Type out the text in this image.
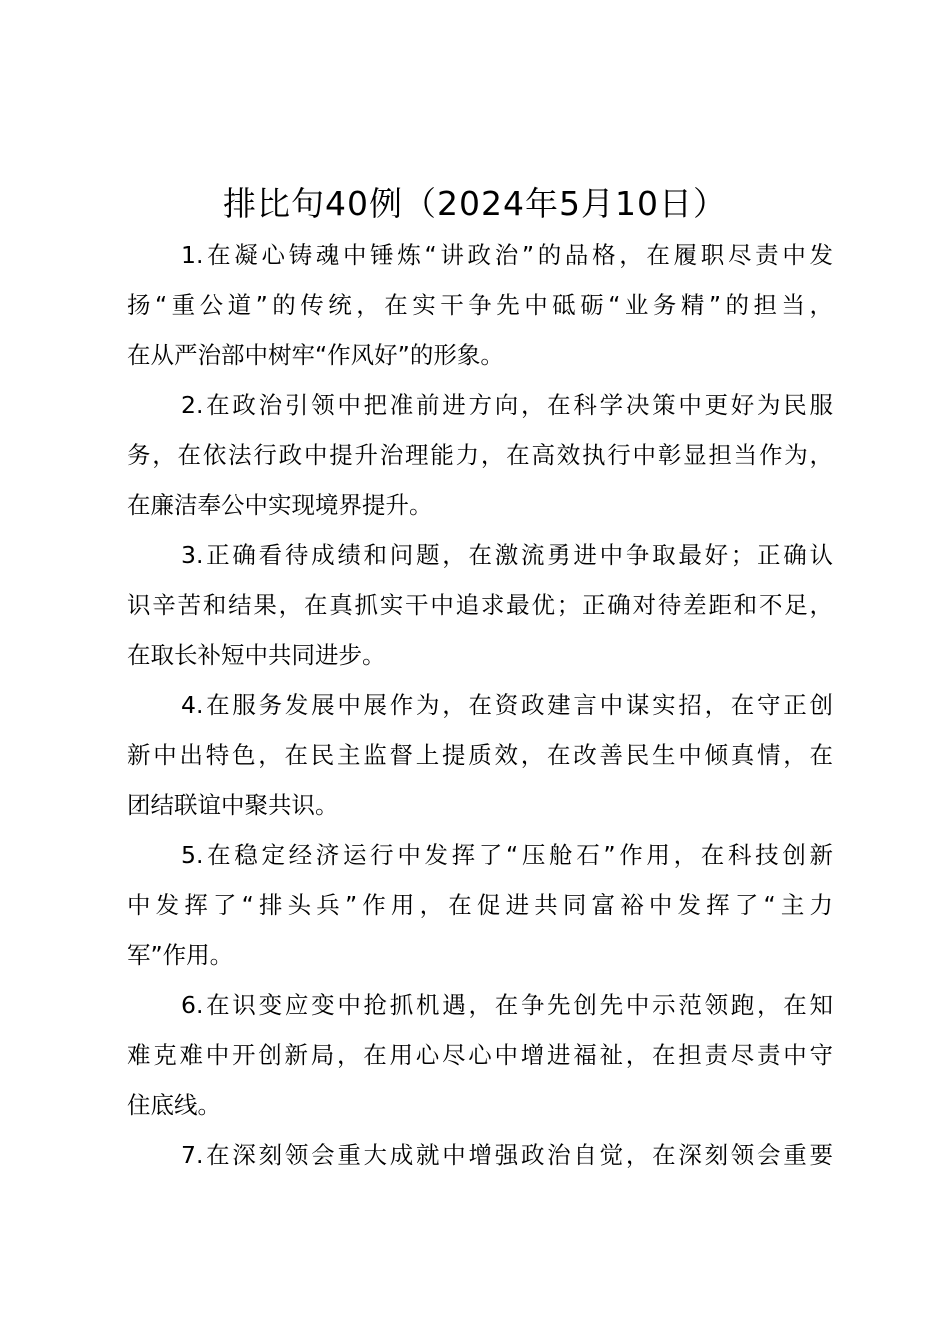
排比句40例（2024年5月10日）

1.在凝心铸魂中锤炼“讲政治”的品格，在履职尽责中发
扬“重公道”的传统，在实干争先中砥砺“业务精”的担当，
在从严治部中树牢“作风好”的形象。

2.在政治引领中把准前进方向，在科学决策中更好为民服
务，在依法行政中提升治理能力，在高效执行中彰显担当作为，
在廉洁奉公中实现境界提升。

3.正确看待成绩和问题，在激流勇进中争取最好；正确认
识辛苦和结果，在真抓实干中追求最优；正确对待差距和不足，
在取长补短中共同进步。

4.在服务发展中展作为，在资政建言中谋实招，在守正创
新中出特色，在民主监督上提质效，在改善民生中倾真情，在
团结联谊中聚共识。

5.在稳定经济运行中发挥了“压舱石”作用，在科技创新
中发挥了“排头兵”作用，在促进共同富裕中发挥了“主力
军”作用。

6.在识变应变中抢抓机遇，在争先创先中示范领跑，在知
难克难中开创新局，在用心尽心中增进福祉，在担责尽责中守
住底线。

7.在深刻领会重大成就中增强政治自觉，在深刻领会重要
